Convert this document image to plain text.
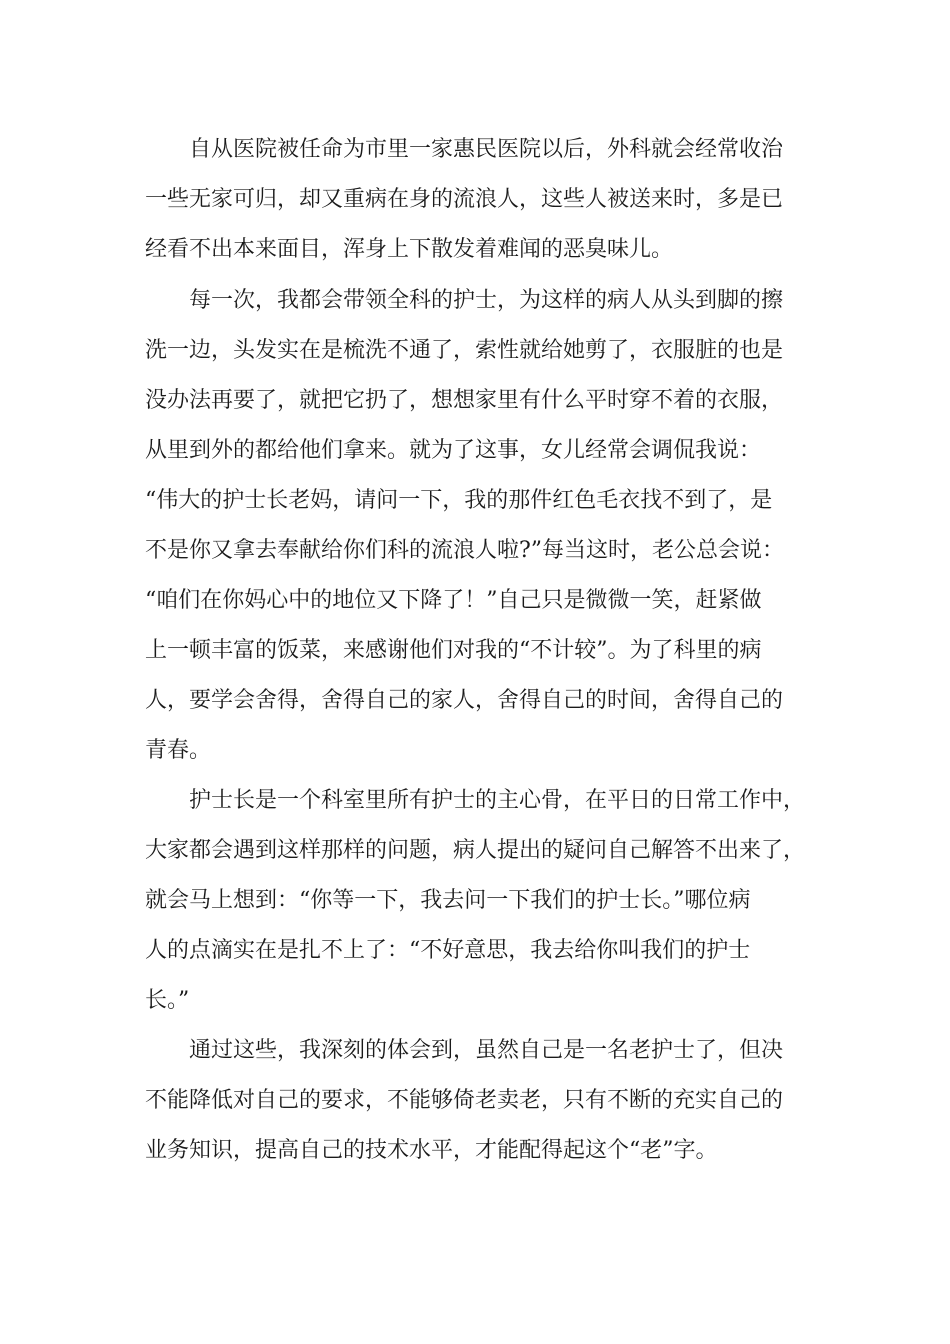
自从医院被任命为市里一家惠民医院以后，外科就会经常收治
一些无家可归，却又重病在身的流浪人，这些人被送来时，多是已
经看不出本来面目，浑身上下散发着难闻的恶臭味儿。
每一次，我都会带领全科的护士，为这样的病人从头到脚的擦
洗一边，头发实在是梳洗不通了，索性就给她剪了，衣服脏的也是
没办法再要了，就把它扔了，想想家里有什么平时穿不着的衣服，
从里到外的都给他们拿来。就为了这事，女儿经常会调侃我说：
“伟大的护士长老妈，请问一下，我的那件红色毛衣找不到了，是
不是你又拿去奉献给你们科的流浪人啦?”每当这时，老公总会说：
“咱们在你妈心中的地位又下降了！”自己只是微微一笑，赶紧做
上一顿丰富的饭菜，来感谢他们对我的“不计较”。为了科里的病
人，要学会舍得，舍得自己的家人，舍得自己的时间，舍得自己的
青春。
护士长是一个科室里所有护士的主心骨，在平日的日常工作中，
大家都会遇到这样那样的问题，病人提出的疑问自己解答不出来了，
就会马上想到：“你等一下，我去问一下我们的护士长。”哪位病
人的点滴实在是扎不上了：“不好意思，我去给你叫我们的护士
长。”
通过这些，我深刻的体会到，虽然自己是一名老护士了，但决
不能降低对自己的要求，不能够倚老卖老，只有不断的充实自己的
业务知识，提高自己的技术水平，才能配得起这个“老”字。
